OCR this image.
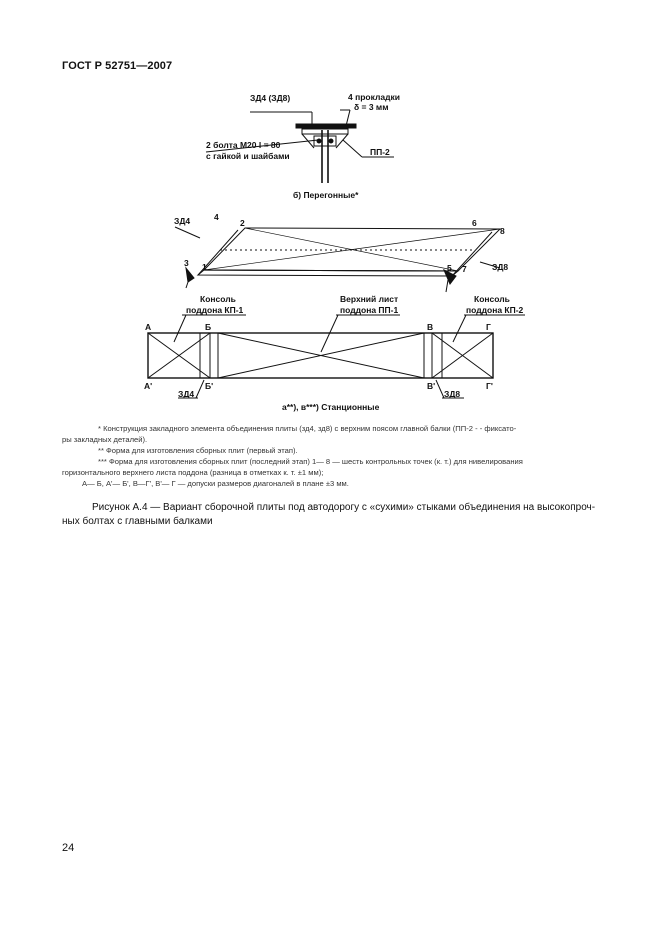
ГОСТ Р 52751—2007
ЗД4 (ЗД8)	4 прокладки
δ = 3 мм
2 болта М20 l = 80
с гайкой и шайбами	ПП-2
б) Перегонные*
ЗД4
ЗД8
1
2
3
4
5
6
7
8
Консоль
поддона КП-1
Верхний лист
поддона ПП-1
Консоль
поддона КП-2
А	Б	В	Г
А'	Б'	В'	Г'
ЗД4	ЗД8
а**), в***) Станционные
* Конструкция закладного элемента объединения плиты (зд4, зд8) с верхним поясом главной балки (ПП-2 - - фиксато-
ры закладных деталей).
** Форма для изготовления сборных плит (первый этап).
*** Форма для изготовления сборных плит (последний этап) 1— 8 — шесть контрольных точек (к. т.) для нивелирования
горизонтального верхнего листа поддона (разница в отметках к. т. ±1 мм);
А— Б, А'— Б', В—Г', В'— Г — допуски размеров диагоналей в плане ±3 мм.
Рисунок А.4 — Вариант сборочной плиты под автодорогу с «сухими» стыками объединения на высокопроч-
ных болтах с главными балками
24
